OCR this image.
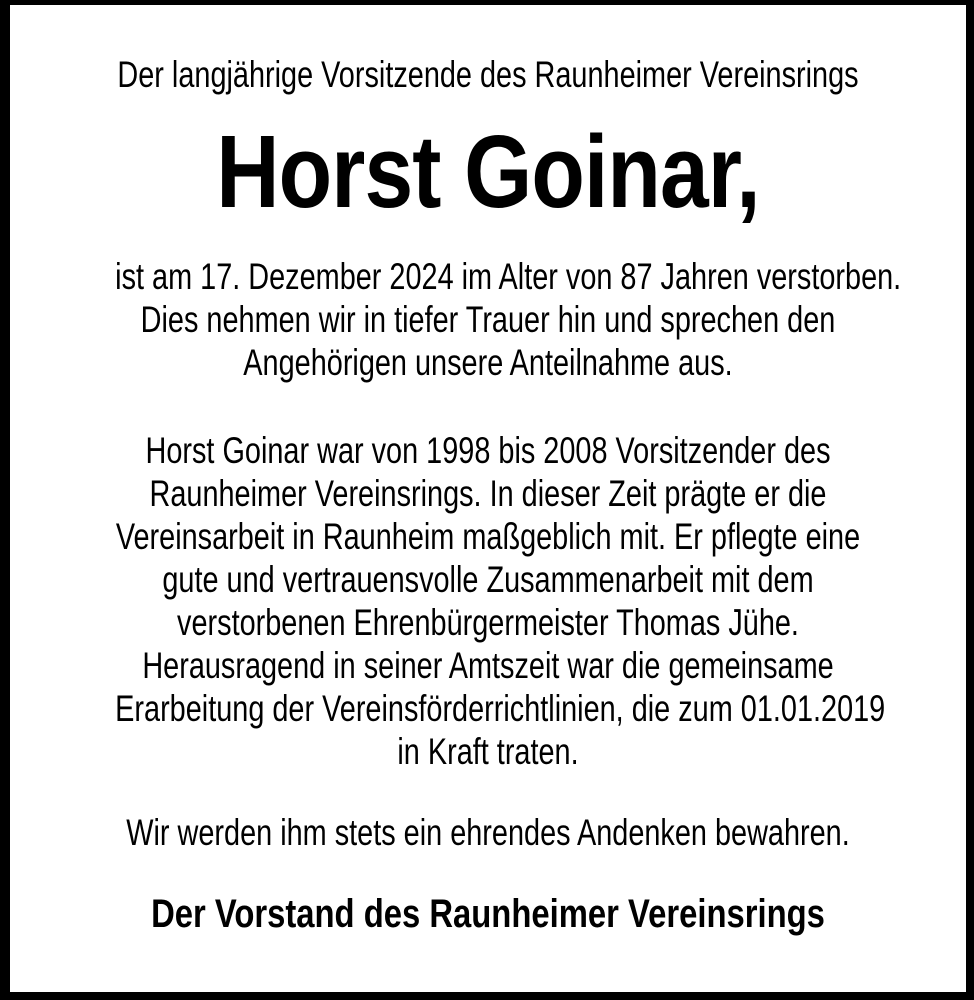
Der langjährige Vorsitzende des Raunheimer Vereinsrings
Horst Goinar,
ist am 17. Dezember 2024 im Alter von 87 Jahren verstorben.
Dies nehmen wir in tiefer Trauer hin und sprechen den
Angehörigen unsere Anteilnahme aus.
Horst Goinar war von 1998 bis 2008 Vorsitzender des
Raunheimer Vereinsrings. In dieser Zeit prägte er die
Vereinsarbeit in Raunheim maßgeblich mit. Er pflegte eine
gute und vertrauensvolle Zusammenarbeit mit dem
verstorbenen Ehrenbürgermeister Thomas Jühe.
Herausragend in seiner Amtszeit war die gemeinsame
Erarbeitung der Vereinsförderrichtlinien, die zum 01.01.2019
in Kraft traten.
Wir werden ihm stets ein ehrendes Andenken bewahren.
Der Vorstand des Raunheimer Vereinsrings
